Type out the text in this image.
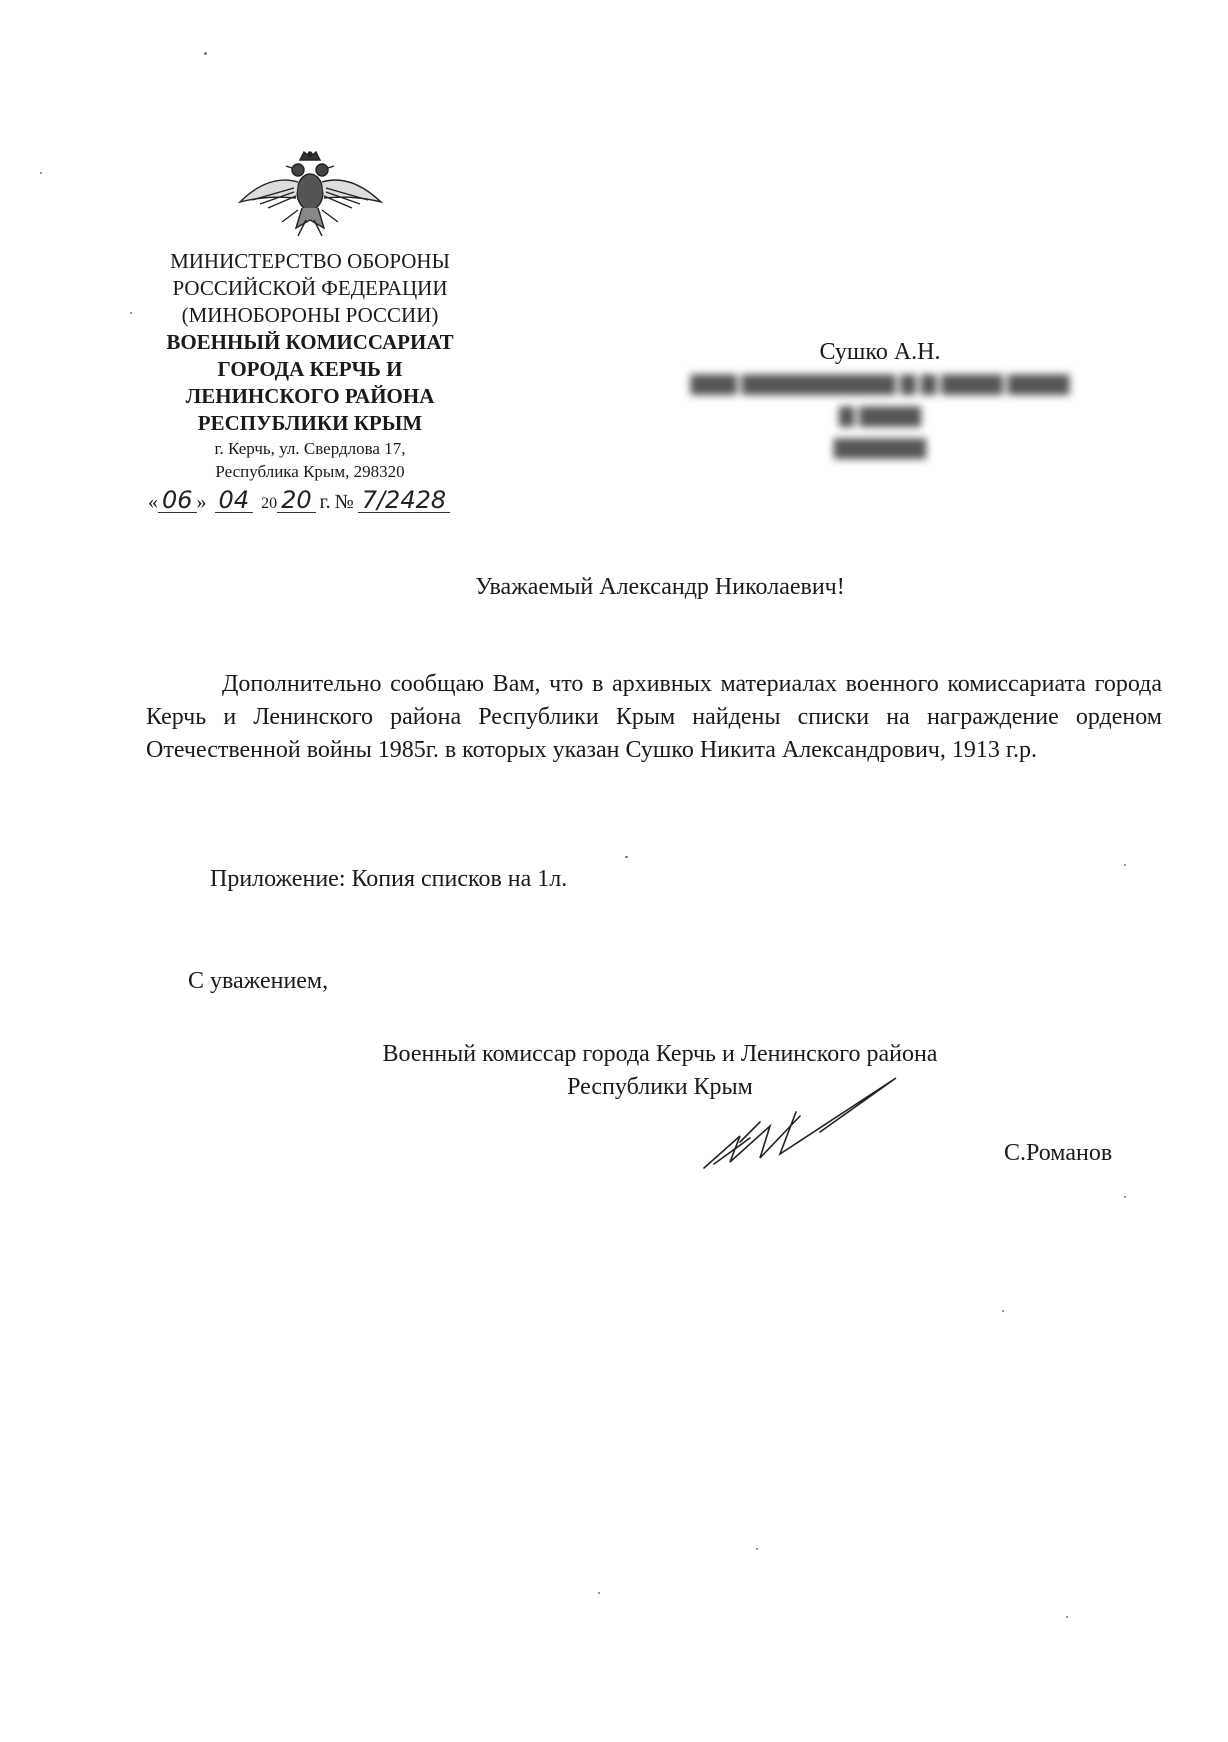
МИНИСТЕРСТВО ОБОРОНЫ
РОССИЙСКОЙ ФЕДЕРАЦИИ
(МИНОБОРОНЫ РОССИИ)
ВОЕННЫЙ КОМИССАРИАТ
ГОРОДА КЕРЧЬ И
ЛЕНИНСКОГО РАЙОНА
РЕСПУБЛИКИ КРЫМ
г. Керчь, ул. Свердлова 17,
Республика Крым, 298320
« 06 » 04 20 20 г. № 7/2428
Сушко А.Н.
▇▇▇ ▇▇▇▇▇▇▇▇▇▇ ▇ ▇ ▇▇▇▇ ▇▇▇▇
▇ ▇▇▇▇
▇▇▇▇▇▇
Уважаемый Александр Николаевич!
Дополнительно сообщаю Вам, что в архивных материалах военного комиссариата города Керчь и Ленинского района Республики Крым найдены списки на награждение орденом Отечественной войны 1985г. в которых указан Сушко Никита Александрович, 1913 г.р.
Приложение: Копия списков на 1л.
С уважением,
Военный комиссар города Керчь и Ленинского района
Республики Крым
С.Романов
